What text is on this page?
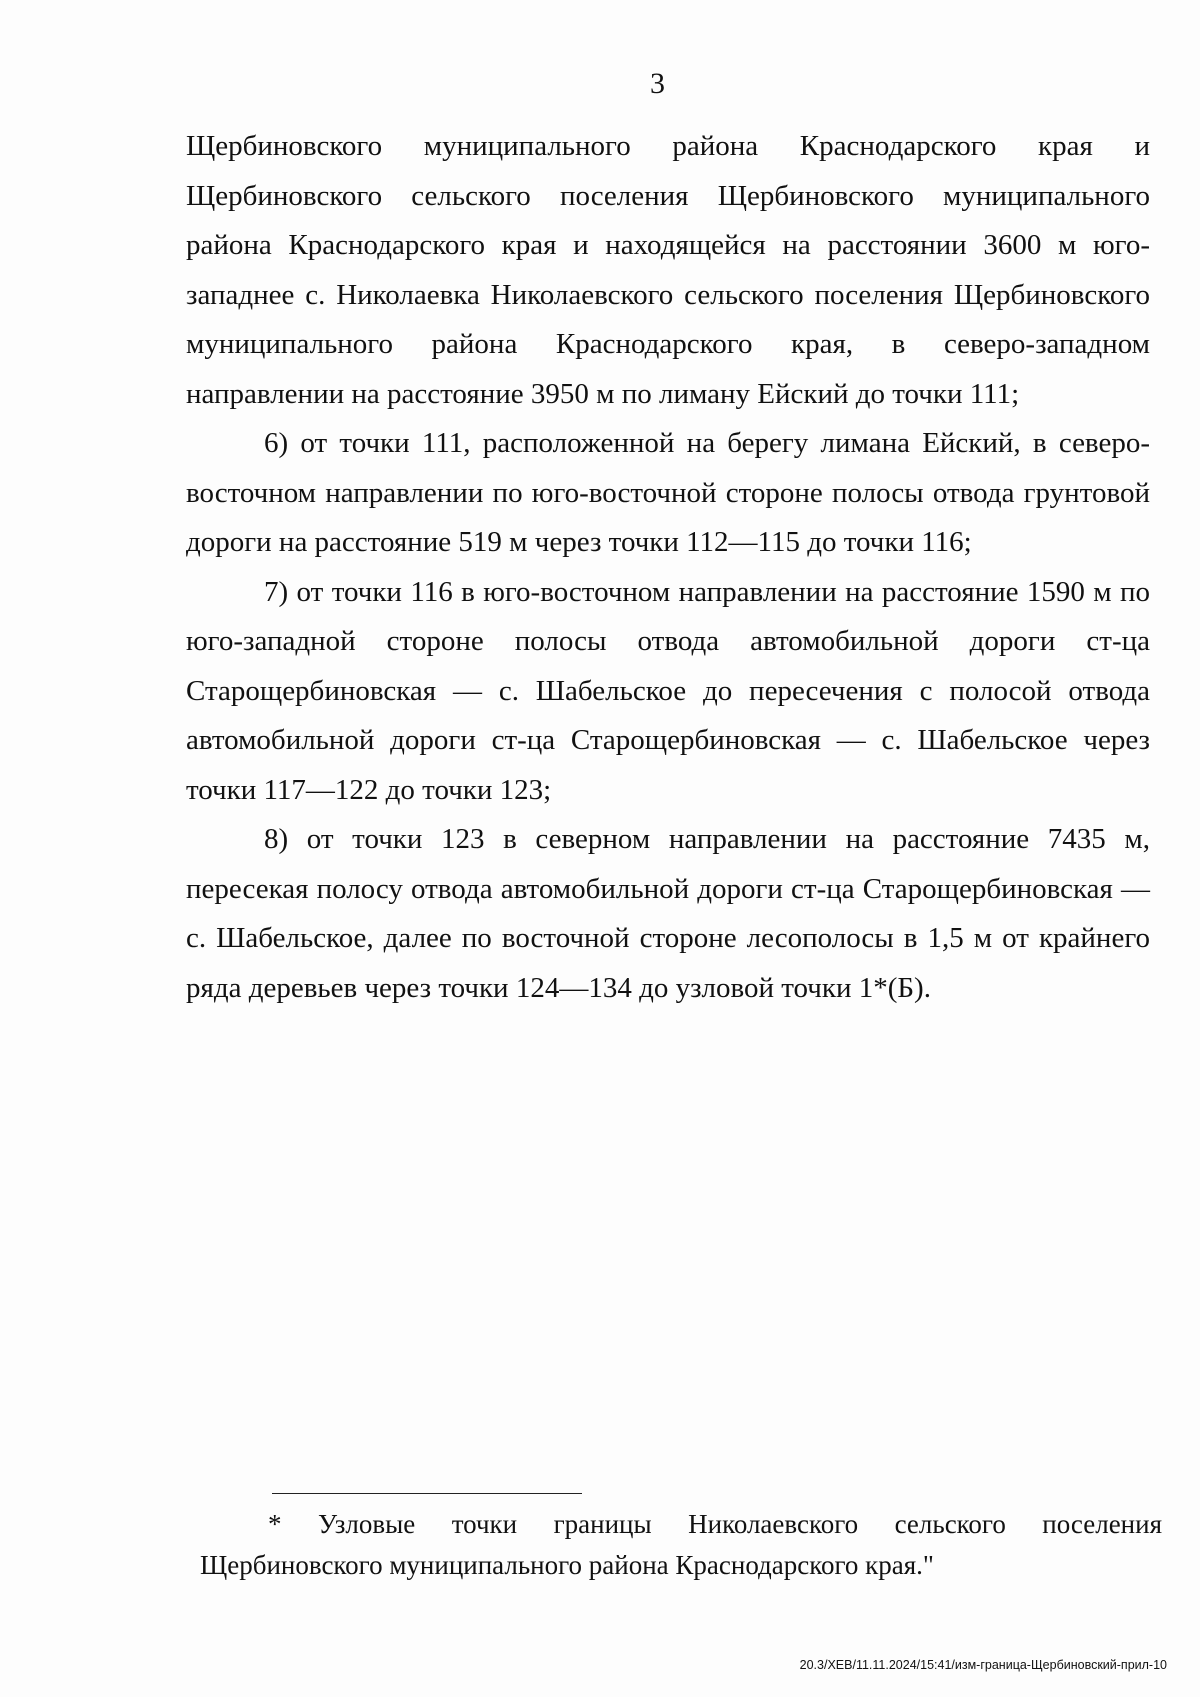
3

Щербиновского муниципального района Краснодарского края и Щербиновского сельского поселения Щербиновского муниципального района Краснодарского края и находящейся на расстоянии 3600 м юго-западнее с. Николаевка Николаевского сельского поселения Щербиновского муниципального района Краснодарского края, в северо-западном направлении на расстояние 3950 м по лиману Ейский до точки 111;

6) от точки 111, расположенной на берегу лимана Ейский, в северо-восточном направлении по юго-восточной стороне полосы отвода грунтовой дороги на расстояние 519 м через точки 112—115 до точки 116;

7) от точки 116 в юго-восточном направлении на расстояние 1590 м по юго-западной стороне полосы отвода автомобильной дороги ст-ца Старощербиновская — с. Шабельское до пересечения с полосой отвода автомобильной дороги ст-ца Старощербиновская — с. Шабельское через точки 117—122 до точки 123;

8) от точки 123 в северном направлении на расстояние 7435 м, пересекая полосу отвода автомобильной дороги ст-ца Старощербиновская — с. Шабельское, далее по восточной стороне лесополосы в 1,5 м от крайнего ряда деревьев через точки 124—134 до узловой точки 1*(Б).

* Узловые точки границы Николаевского сельского поселения Щербиновского муниципального района Краснодарского края."

20.3/ХЕВ/11.11.2024/15:41/изм-граница-Щербиновский-прил-10
